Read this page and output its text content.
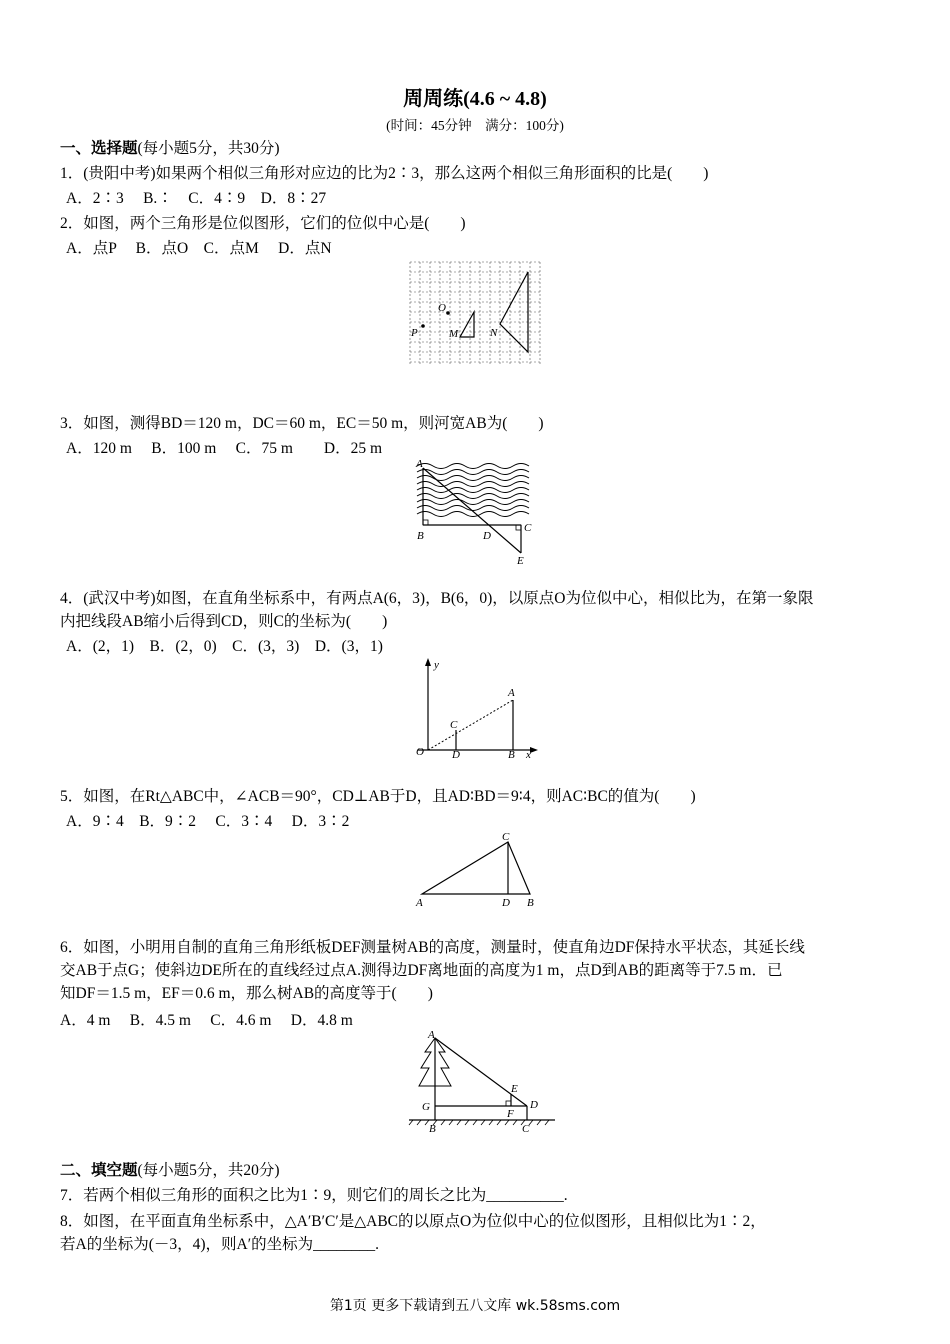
周周练(4.6 ~ 4.8)
(时间：45分钟　满分：100分)
一、选择题(每小题5分，共30分)
1．(贵阳中考)如果两个相似三角形对应边的比为2∶3，那么这两个相似三角形面积的比是(　　)
A．2∶3　 B.∶　C．4∶9　D．8∶27
2．如图，两个三角形是位似图形，它们的位似中心是(　　)
A．点P　 B．点O　C．点M　 D．点N
P
O
M	N
3．如图，测得BD＝120 m，DC＝60 m，EC＝50 m，则河宽AB为(　　)
A．120 m　 B．100 m　 C．75 m　　D．25 m
A
B	D
C
E
4．(武汉中考)如图，在直角坐标系中，有两点A(6，3)，B(6，0)，以原点O为位似中心，相似比为，在第一象限
内把线段AB缩小后得到CD，则C的坐标为(　　)
A．(2，1)　B．(2，0)　C．(3，3)　D．(3，1)
y
A
C
O	D	B x
5．如图，在Rt△ABC中，∠ACB＝90°，CD⊥AB于D，且AD∶BD＝9∶4，则AC∶BC的值为(　　)
A．9∶4　B．9∶2　 C．3∶4　 D．3∶2
C
A	D B
6．如图，小明用自制的直角三角形纸板DEF测量树AB的高度，测量时，使直角边DF保持水平状态，其延长线
交AB于点G；使斜边DE所在的直线经过点A.测得边DF离地面的高度为1 m，点D到AB的距离等于7.5 m．已
知DF＝1.5 m，EF＝0.6 m，那么树AB的高度等于(　　)
A．4 m　 B．4.5 m　 C．4.6 m　 D．4.8 m
A
E
G
F
D
B	C
二、填空题(每小题5分，共20分)
7．若两个相似三角形的面积之比为1∶9，则它们的周长之比为__________.
8．如图，在平面直角坐标系中，△A′B′C′是△ABC的以原点O为位似中心的位似图形，且相似比为1∶2，
若A的坐标为(－3，4)，则A′的坐标为________.
第1页 更多下载请到五八文库 wk.58sms.com
